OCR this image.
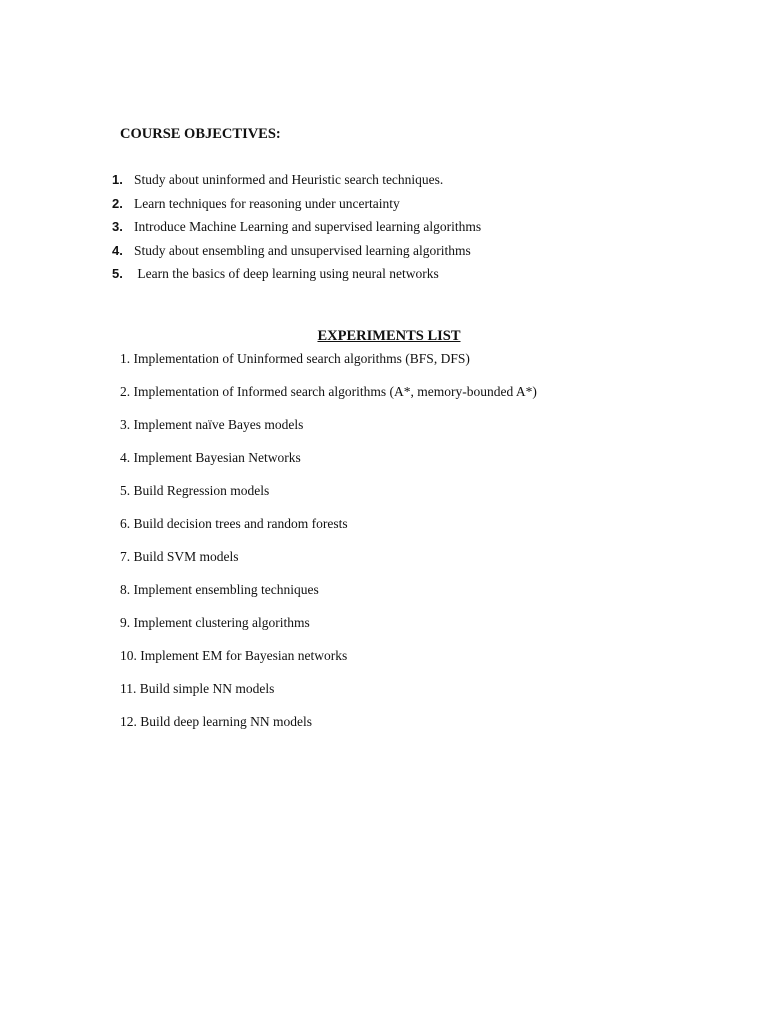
COURSE OBJECTIVES:
1. Study about uninformed and Heuristic search techniques.
2. Learn techniques for reasoning under uncertainty
3. Introduce Machine Learning and supervised learning algorithms
4. Study about ensembling and unsupervised learning algorithms
5. Learn the basics of deep learning using neural networks
EXPERIMENTS LIST
1. Implementation of Uninformed search algorithms (BFS, DFS)
2. Implementation of Informed search algorithms (A*, memory-bounded A*)
3. Implement naïve Bayes models
4. Implement Bayesian Networks
5. Build Regression models
6. Build decision trees and random forests
7. Build SVM models
8. Implement ensembling techniques
9. Implement clustering algorithms
10. Implement EM for Bayesian networks
11. Build simple NN models
12. Build deep learning NN models
